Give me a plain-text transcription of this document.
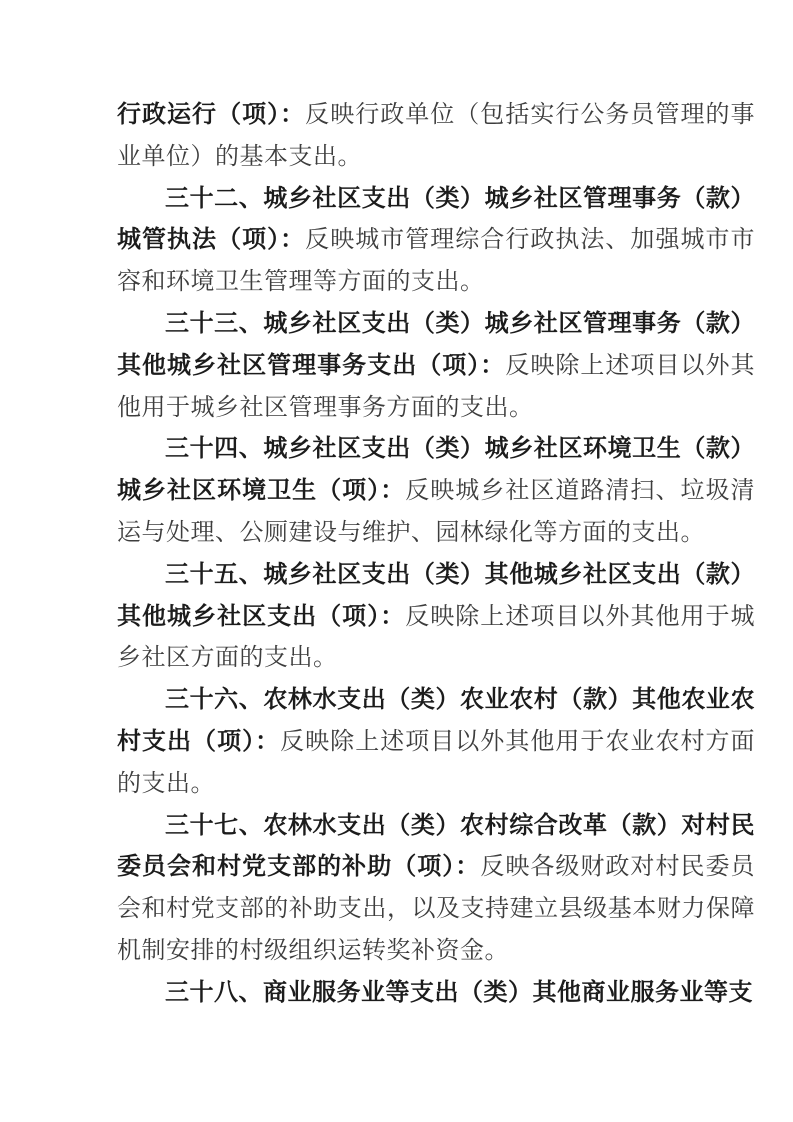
行政运行（项）：反映行政单位（包括实行公务员管理的事业单位）的基本支出。

三十二、城乡社区支出（类）城乡社区管理事务（款）城管执法（项）：反映城市管理综合行政执法、加强城市市容和环境卫生管理等方面的支出。

三十三、城乡社区支出（类）城乡社区管理事务（款）其他城乡社区管理事务支出（项）：反映除上述项目以外其他用于城乡社区管理事务方面的支出。

三十四、城乡社区支出（类）城乡社区环境卫生（款）城乡社区环境卫生（项）：反映城乡社区道路清扫、垃圾清运与处理、公厕建设与维护、园林绿化等方面的支出。

三十五、城乡社区支出（类）其他城乡社区支出（款）其他城乡社区支出（项）：反映除上述项目以外其他用于城乡社区方面的支出。

三十六、农林水支出（类）农业农村（款）其他农业农村支出（项）：反映除上述项目以外其他用于农业农村方面的支出。

三十七、农林水支出（类）农村综合改革（款）对村民委员会和村党支部的补助（项）：反映各级财政对村民委员会和村党支部的补助支出，以及支持建立县级基本财力保障机制安排的村级组织运转奖补资金。

三十八、商业服务业等支出（类）其他商业服务业等支
